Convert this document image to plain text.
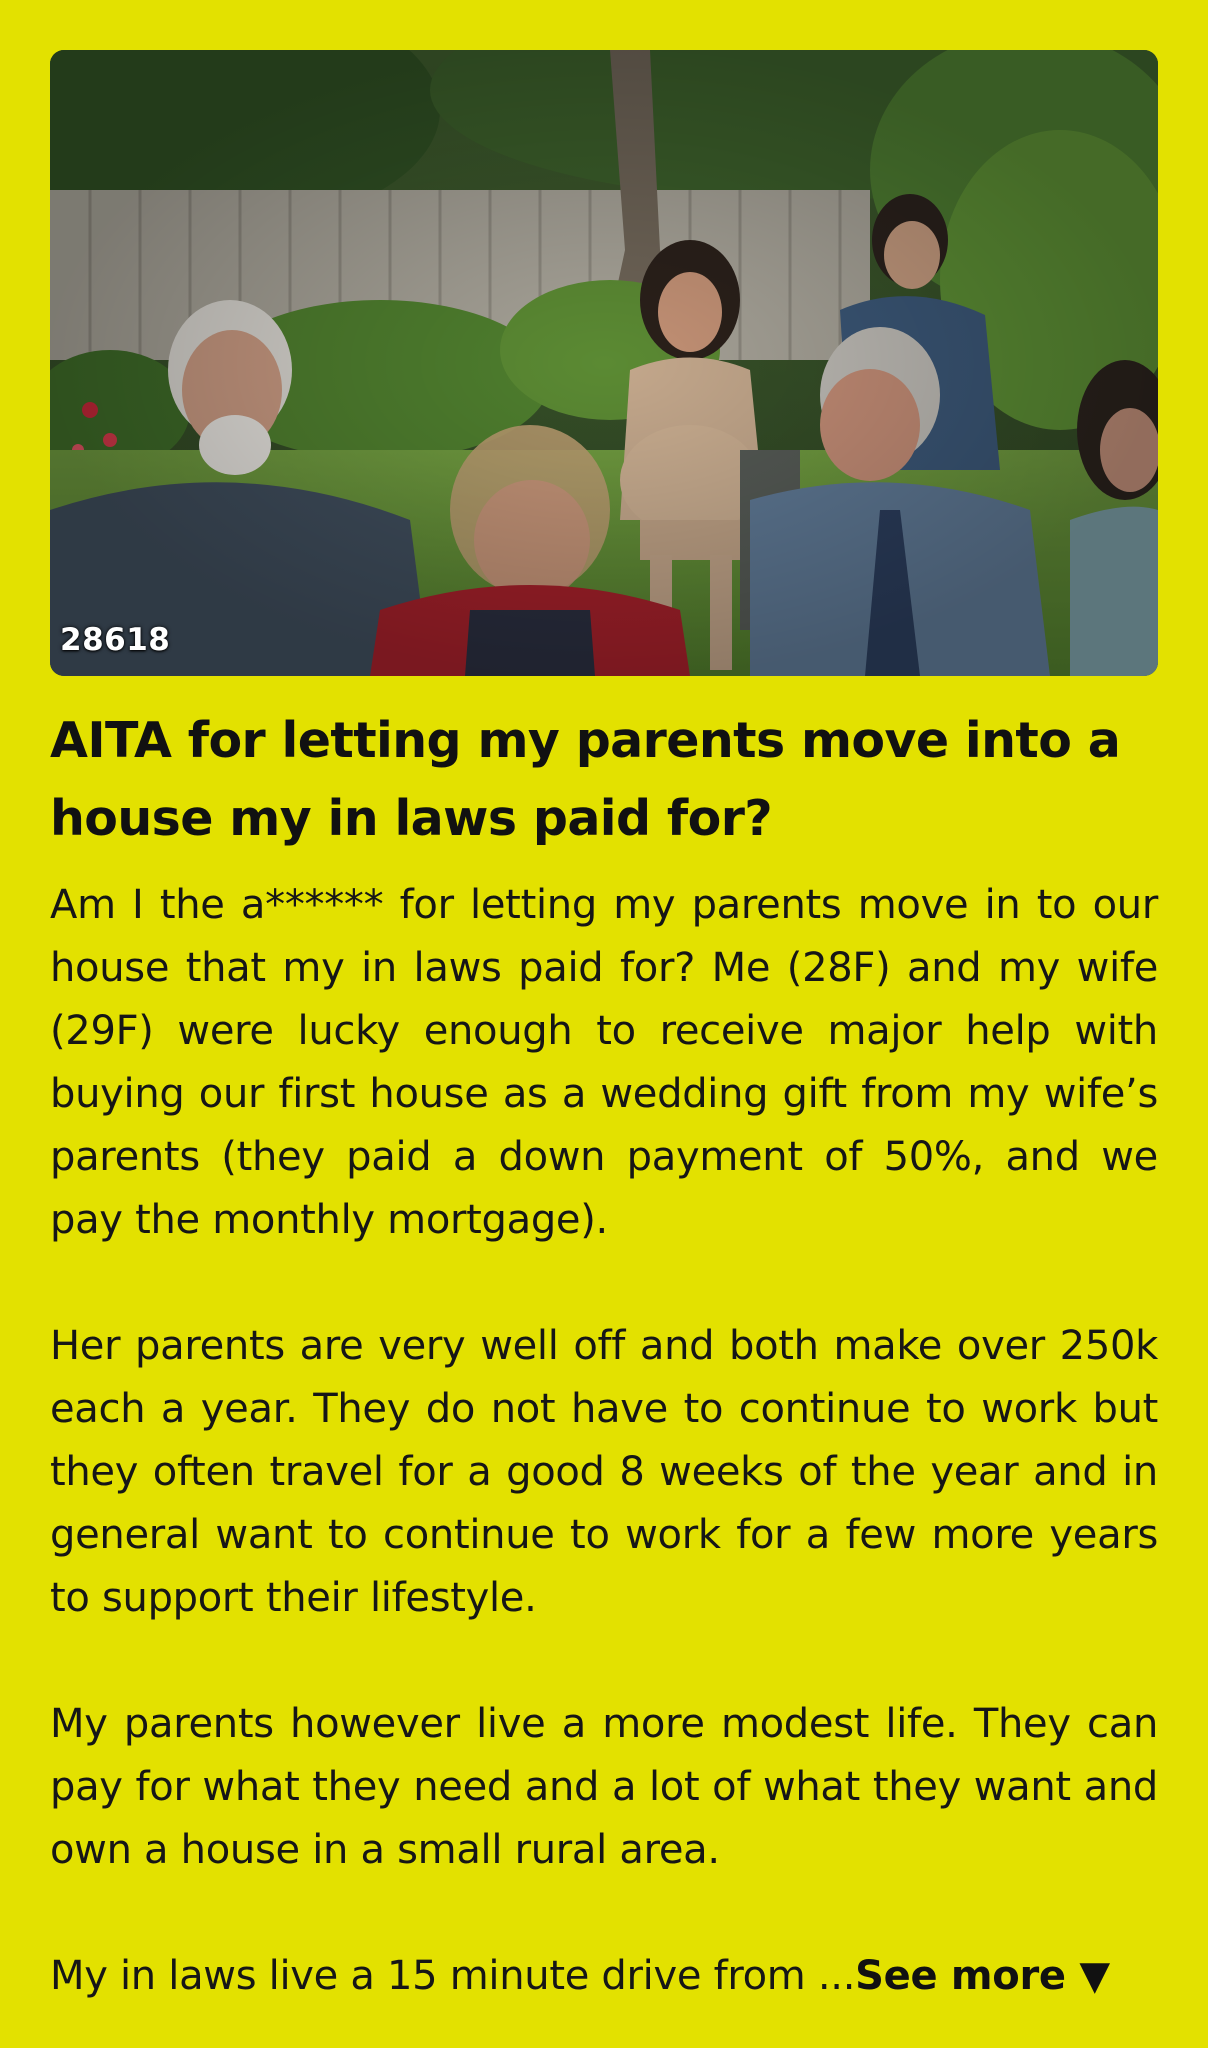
28618
AITA for letting my parents move into a house my in laws paid for?

Am I the a****** for letting my parents move in to our house that my in laws paid for? Me (28F) and my wife (29F) were lucky enough to receive major help with buying our first house as a wedding gift from my wife’s parents (they paid a down payment of 50%, and we pay the monthly mortgage).

Her parents are very well off and both make over 250k each a year. They do not have to continue to work but they often travel for a good 8 weeks of the year and in general want to continue to work for a few more years to support their lifestyle.

My parents however live a more modest life. They can pay for what they need and a lot of what they want and own a house in a small rural area.

My in laws live a 15 minute drive from ...See more ▼
